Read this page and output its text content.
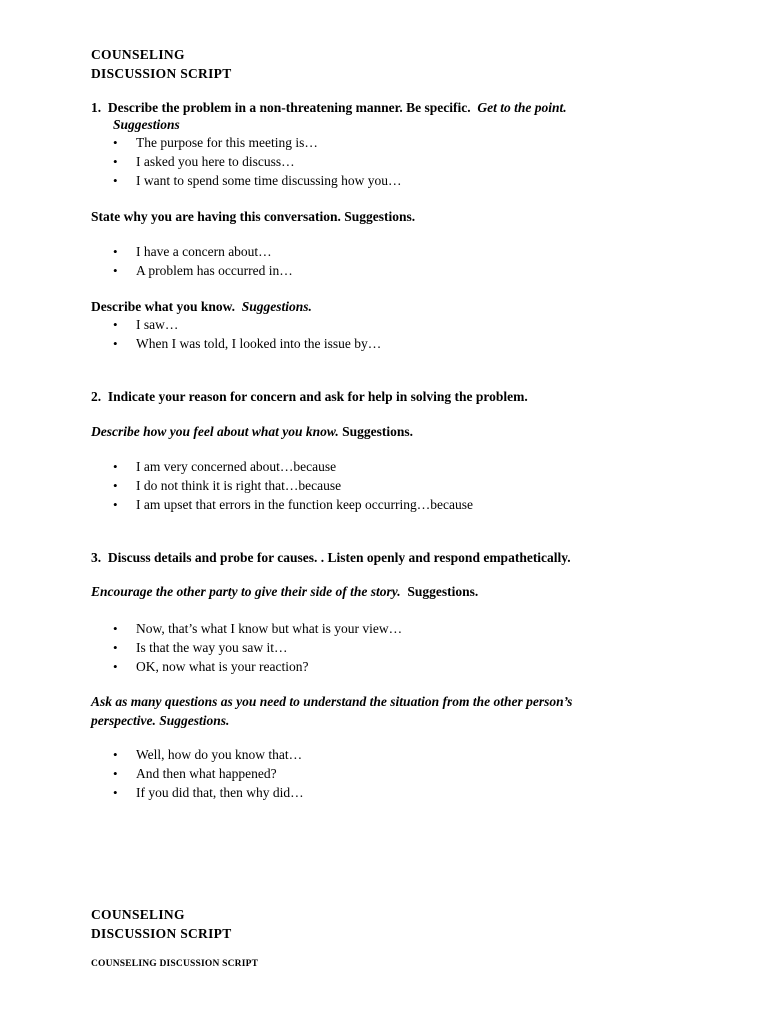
COUNSELING
DISCUSSION SCRIPT
1. Describe the problem in a non-threatening manner. Be specific. Get to the point.
Suggestions
• The purpose for this meeting is…
• I asked you here to discuss…
• I want to spend some time discussing how you…
State why you are having this conversation. Suggestions.
• I have a concern about…
• A problem has occurred in…
Describe what you know. Suggestions.
• I saw…
• When I was told, I looked into the issue by…
2. Indicate your reason for concern and ask for help in solving the problem.
Describe how you feel about what you know. Suggestions.
• I am very concerned about…because
• I do not think it is right that…because
• I am upset that errors in the function keep occurring…because
3. Discuss details and probe for causes. . Listen openly and respond empathetically.
Encourage the other party to give their side of the story. Suggestions.
• Now, that’s what I know but what is your view…
• Is that the way you saw it…
• OK, now what is your reaction?
Ask as many questions as you need to understand the situation from the other person’s
perspective. Suggestions.
• Well, how do you know that…
• And then what happened?
• If you did that, then why did…
COUNSELING
DISCUSSION SCRIPT
COUNSELING DISCUSSION SCRIPT
